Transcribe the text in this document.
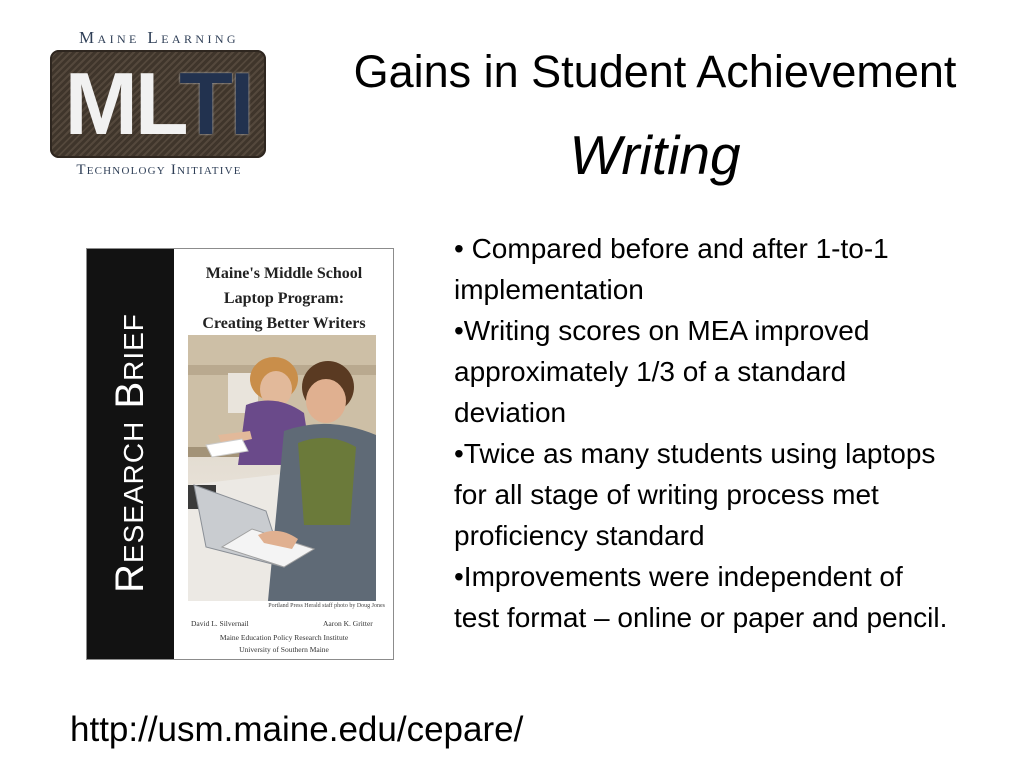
Maine Learning
MLTI
Technology Initiative
Gains in Student Achievement
Writing
Research Brief
Maine's Middle School
Laptop Program:
Creating Better Writers
Portland Press Herald staff photo by Doug Jones
David L. Silvernail	Aaron K. Gritter
Maine Education Policy Research Institute
University of Southern Maine
• Compared before and after 1-to-1 implementation
•Writing scores on MEA improved approximately 1/3 of a standard deviation
•Twice as many students using laptops for all stage of writing process met proficiency standard
•Improvements were independent of test format – online or paper and pencil.
http://usm.maine.edu/cepare/
